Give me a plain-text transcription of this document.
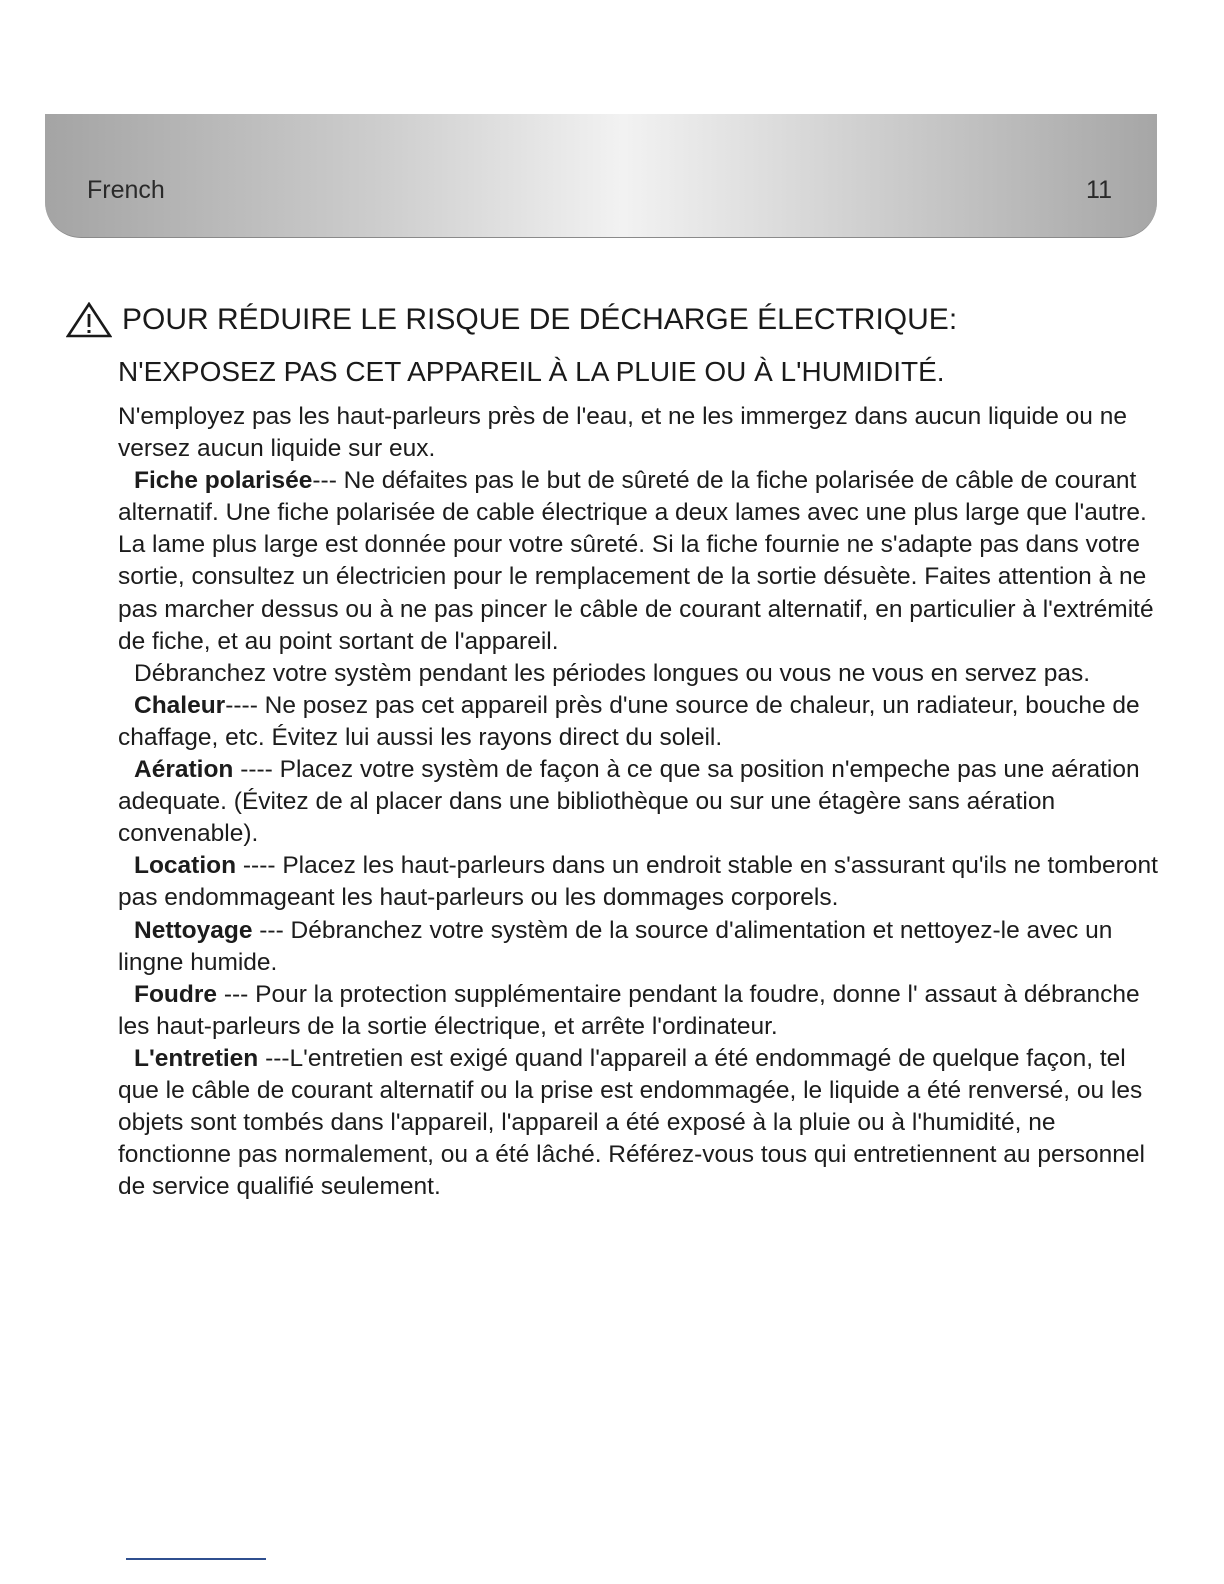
French	11
POUR RÉDUIRE LE RISQUE DE DÉCHARGE ÉLECTRIQUE:
N'EXPOSEZ PAS CET APPAREIL À LA PLUIE OU À L'HUMIDITÉ.

N'employez pas les haut-parleurs près de l'eau, et ne les immergez dans aucun liquide ou ne versez aucun liquide sur eux.

Fiche polarisée--- Ne défaites pas le but de sûreté de la fiche polarisée de câble de courant alternatif. Une fiche polarisée de cable électrique a deux lames avec une plus large que l'autre. La lame plus large est donnée pour votre sûreté. Si la fiche fournie ne s'adapte pas dans votre sortie, consultez un électricien pour le remplacement de la sortie désuète. Faites attention à ne pas marcher dessus ou à ne pas pincer le câble de courant alternatif, en particulier à l'extrémité de fiche, et au point sortant de l'appareil.

Débranchez votre systèm pendant les périodes longues ou vous ne vous en servez pas.

Chaleur---- Ne posez pas cet appareil près d'une source de chaleur, un radiateur, bouche de chaffage, etc. Évitez lui aussi les rayons direct du soleil.

Aération ---- Placez votre systèm de façon à ce que sa position n'empeche pas une aération adequate. (Évitez de al placer dans une bibliothèque ou sur une étagère sans aération convenable).

Location ---- Placez les haut-parleurs dans un endroit stable en s'assurant qu'ils ne tomberont pas endommageant les haut-parleurs ou les dommages corporels.

Nettoyage --- Débranchez votre systèm de la source d'alimentation et nettoyez-le avec un lingne humide.

Foudre --- Pour la protection supplémentaire pendant la foudre, donne l' assaut à débranche les haut-parleurs de la sortie électrique, et arrête l'ordinateur.

L'entretien ---L'entretien est exigé quand l'appareil a été endommagé de quelque façon, tel que le câble de courant alternatif ou la prise est endommagée, le liquide a été renversé, ou les objets sont tombés dans l'appareil, l'appareil a été exposé à la pluie ou à l'humidité, ne fonctionne pas normalement, ou a été lâché. Référez-vous tous qui entretiennent au personnel de service qualifié seulement.
